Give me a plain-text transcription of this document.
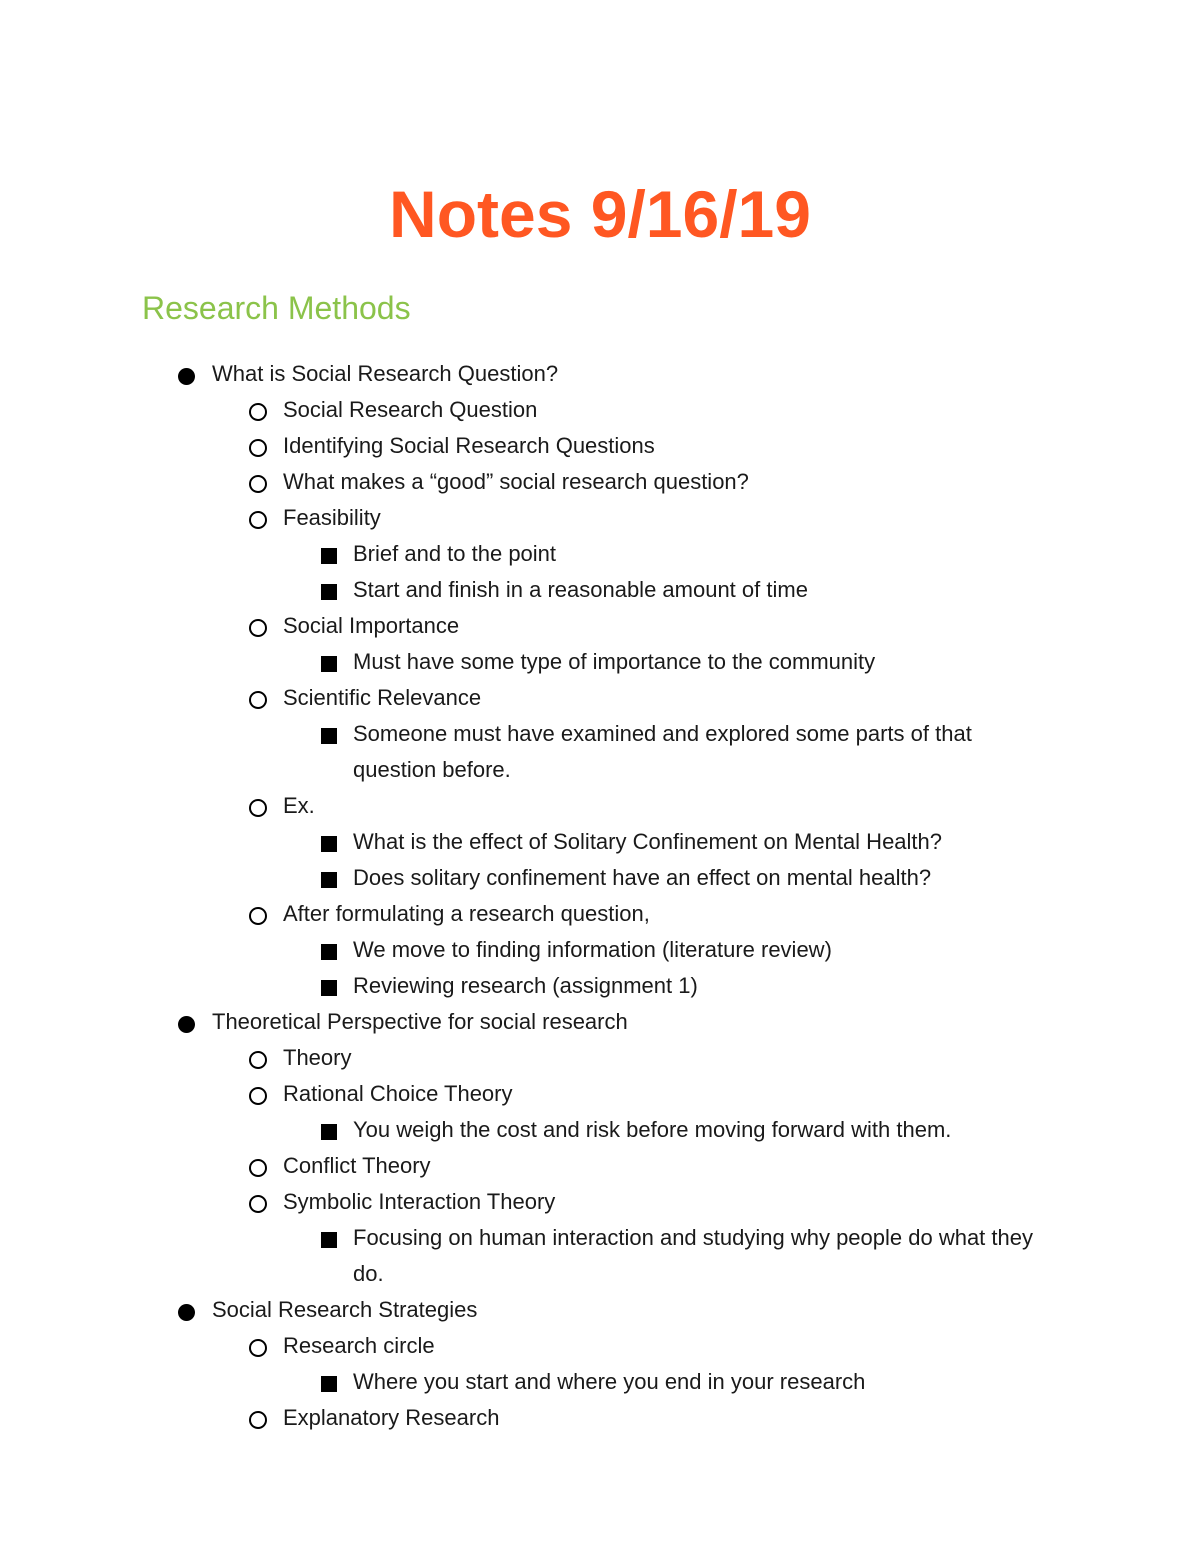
Notes 9/16/19
Research Methods
What is Social Research Question?
Social Research Question
Identifying Social Research Questions
What makes a “good” social research question?
Feasibility
Brief and to the point
Start and finish in a reasonable amount of time
Social Importance
Must have some type of importance to the community
Scientific Relevance
Someone must have examined and explored some parts of that question before.
Ex.
What is the effect of Solitary Confinement on Mental Health?
Does solitary confinement have an effect on mental health?
After formulating a research question,
We move to finding information (literature review)
Reviewing research (assignment 1)
Theoretical Perspective for social research
Theory
Rational Choice Theory
You weigh the cost and risk before moving forward with them.
Conflict Theory
Symbolic Interaction Theory
Focusing on human interaction and studying why people do what they do.
Social Research Strategies
Research circle
Where you start and where you end in your research
Explanatory Research
